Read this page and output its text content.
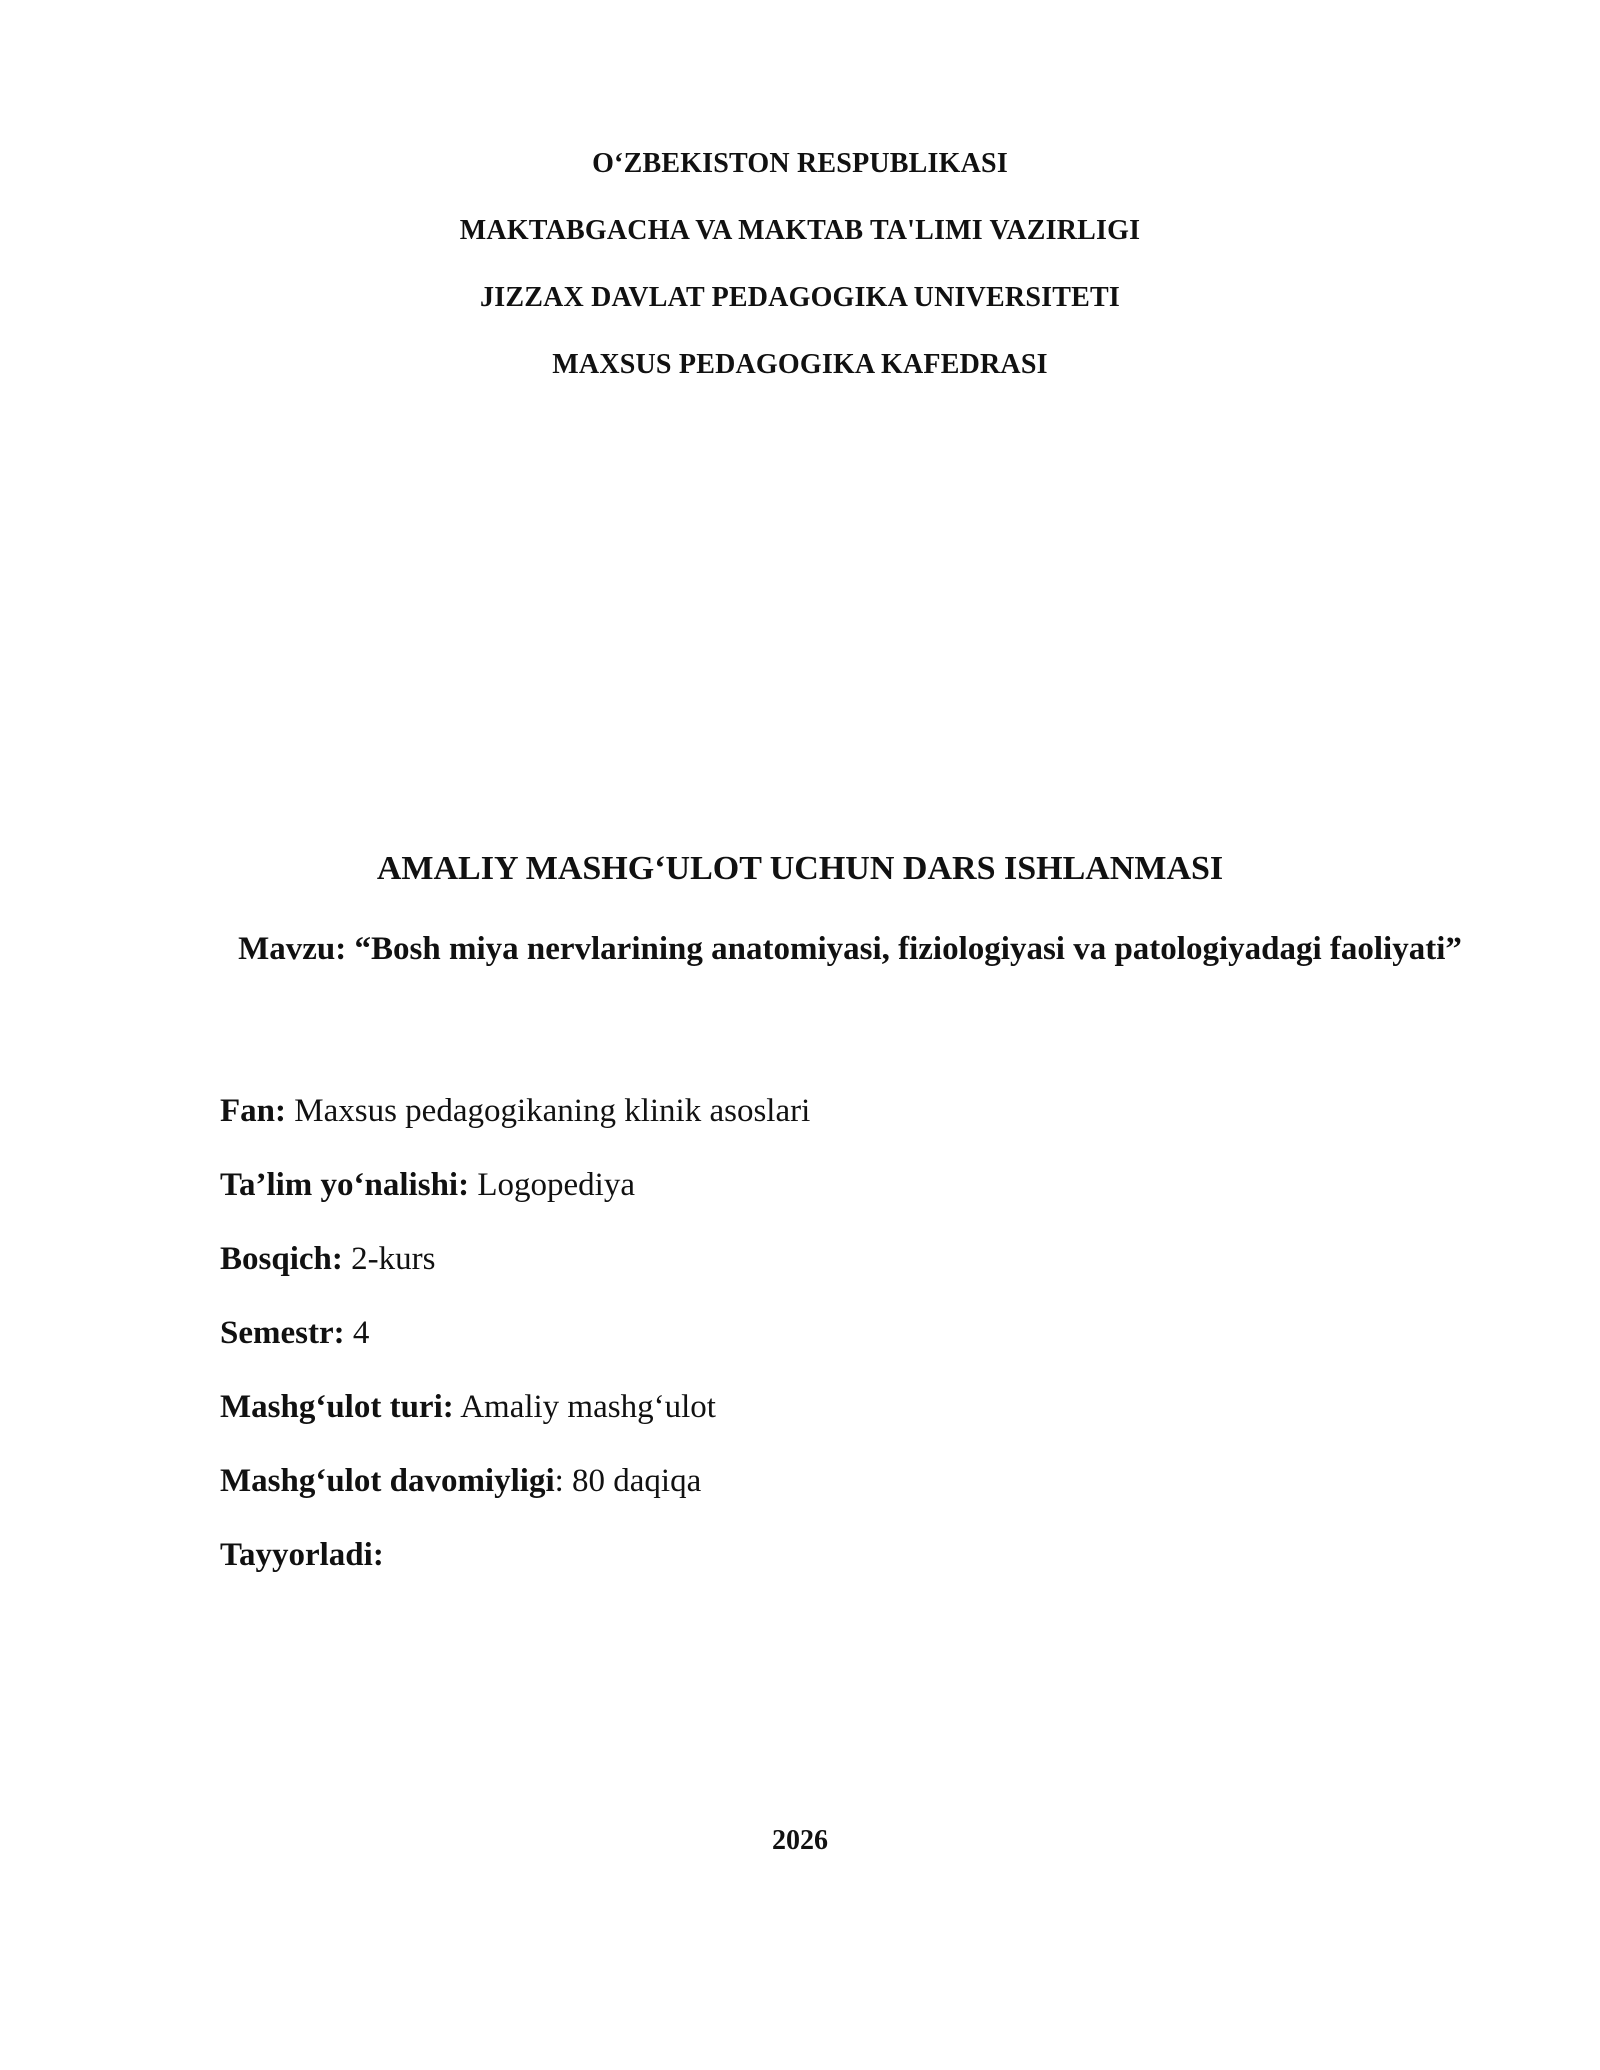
O‘ZBEKISTON RESPUBLIKASI
MAKTABGACHA VA MAKTAB TA'LIMI VAZIRLIGI
JIZZAX DAVLAT PEDAGOGIKA UNIVERSITETI
MAXSUS PEDAGOGIKA KAFEDRASI
AMALIY MASHG‘ULOT UCHUN DARS ISHLANMASI
Mavzu: “Bosh miya nervlarining anatomiyasi, fiziologiyasi va patologiyadagi faoliyati”
Fan: Maxsus pedagogikaning klinik asoslari
Ta’lim yo‘nalishi: Logopediya
Bosqich: 2-kurs
Semestr: 4
Mashg‘ulot turi: Amaliy mashg‘ulot
Mashg‘ulot davomiyligi: 80 daqiqa
Tayyorladi:
2026
